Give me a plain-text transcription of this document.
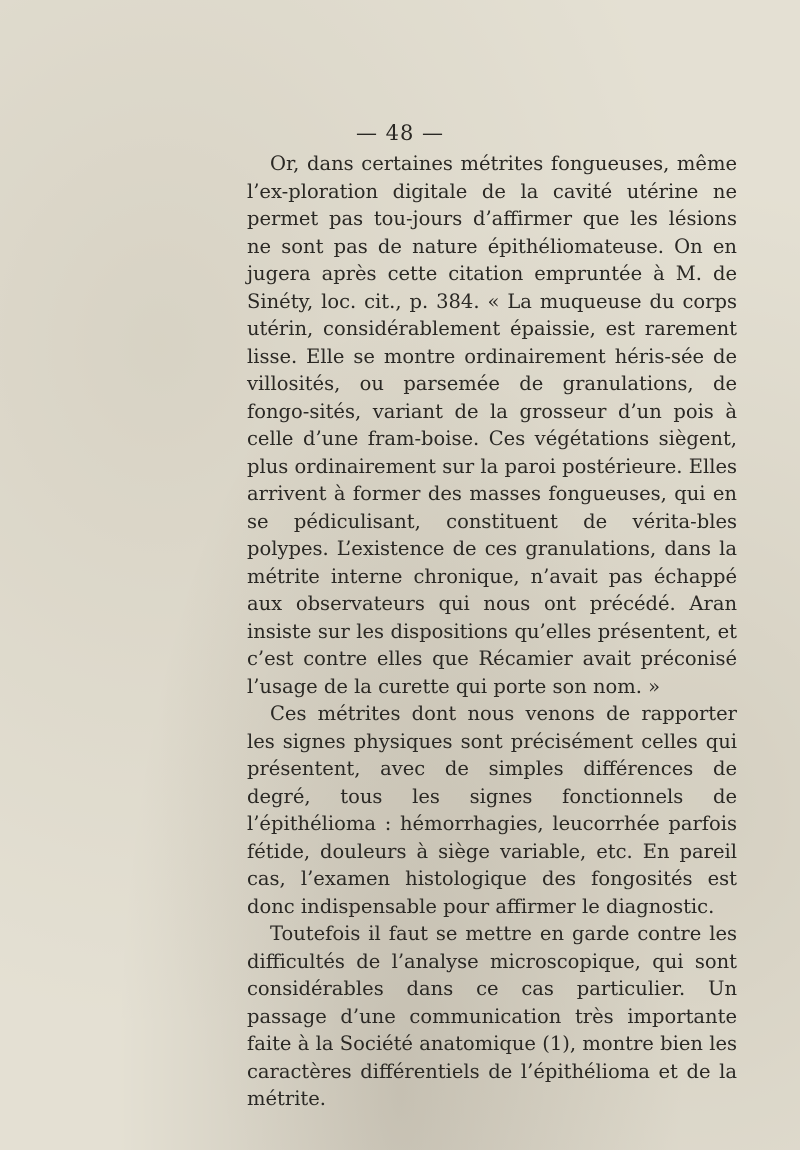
— 48 —

Or, dans certaines métrites fongueuses, même l’ex-ploration digitale de la cavité utérine ne permet pas tou-jours d’affirmer que les lésions ne sont pas de nature épithéliomateuse. On en jugera après cette citation empruntée à M. de Sinéty, loc. cit., p. 384. « La muqueuse du corps utérin, considérablement épaissie, est rarement lisse. Elle se montre ordinairement héris-sée de villosités, ou parsemée de granulations, de fongo-sités, variant de la grosseur d’un pois à celle d’une fram-boise. Ces végétations siègent, plus ordinairement sur la paroi postérieure. Elles arrivent à former des masses fongueuses, qui en se pédiculisant, constituent de vérita-bles polypes. L’existence de ces granulations, dans la métrite interne chronique, n’avait pas échappé aux observateurs qui nous ont précédé. Aran insiste sur les dispositions qu’elles présentent, et c’est contre elles que Récamier avait préconisé l’usage de la curette qui porte son nom. »

Ces métrites dont nous venons de rapporter les signes physiques sont précisément celles qui présentent, avec de simples différences de degré, tous les signes fonctionnels de l’épithélioma : hémorrhagies, leucorrhée parfois fétide, douleurs à siège variable, etc. En pareil cas, l’examen histologique des fongosités est donc indispensable pour affirmer le diagnostic.

Toutefois il faut se mettre en garde contre les difficultés de l’analyse microscopique, qui sont considérables dans ce cas particulier. Un passage d’une communication très importante faite à la Société anatomique (1), montre bien les caractères différentiels de l’épithélioma et de la métrite.
